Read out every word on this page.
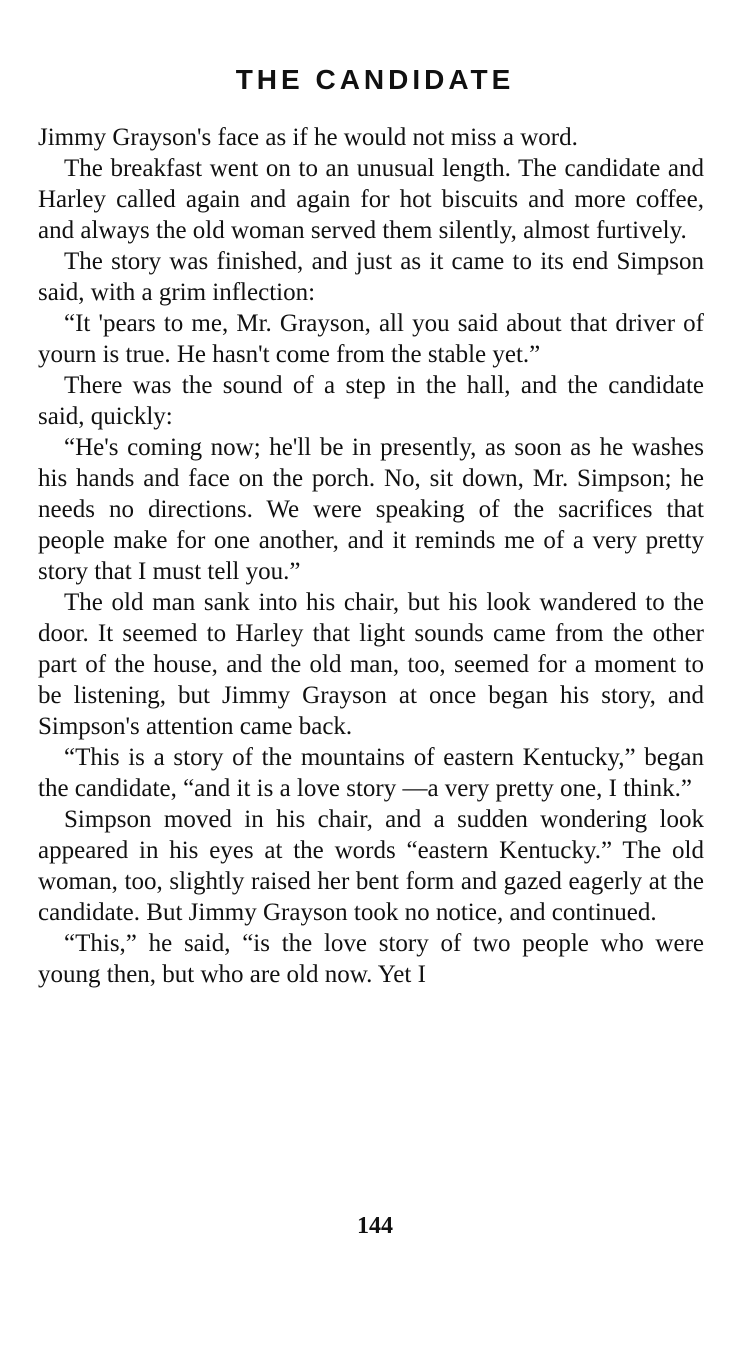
THE CANDIDATE

Jimmy Grayson's face as if he would not miss a word.

The breakfast went on to an unusual length. The candidate and Harley called again and again for hot biscuits and more coffee, and always the old woman served them silently, almost furtively.

The story was finished, and just as it came to its end Simpson said, with a grim inflection:

“It 'pears to me, Mr. Grayson, all you said about that driver of yourn is true. He hasn't come from the stable yet.”

There was the sound of a step in the hall, and the candidate said, quickly:

“He's coming now; he'll be in presently, as soon as he washes his hands and face on the porch. No, sit down, Mr. Simpson; he needs no directions. We were speaking of the sacrifices that people make for one another, and it reminds me of a very pretty story that I must tell you.”

The old man sank into his chair, but his look wandered to the door. It seemed to Harley that light sounds came from the other part of the house, and the old man, too, seemed for a moment to be listening, but Jimmy Grayson at once began his story, and Simpson's attention came back.

“This is a story of the mountains of eastern Kentucky,” began the candidate, “and it is a love story —a very pretty one, I think.”

Simpson moved in his chair, and a sudden wondering look appeared in his eyes at the words “eastern Kentucky.” The old woman, too, slightly raised her bent form and gazed eagerly at the candidate. But Jimmy Grayson took no notice, and continued.

“This,” he said, “is the love story of two people who were young then, but who are old now. Yet I

144
